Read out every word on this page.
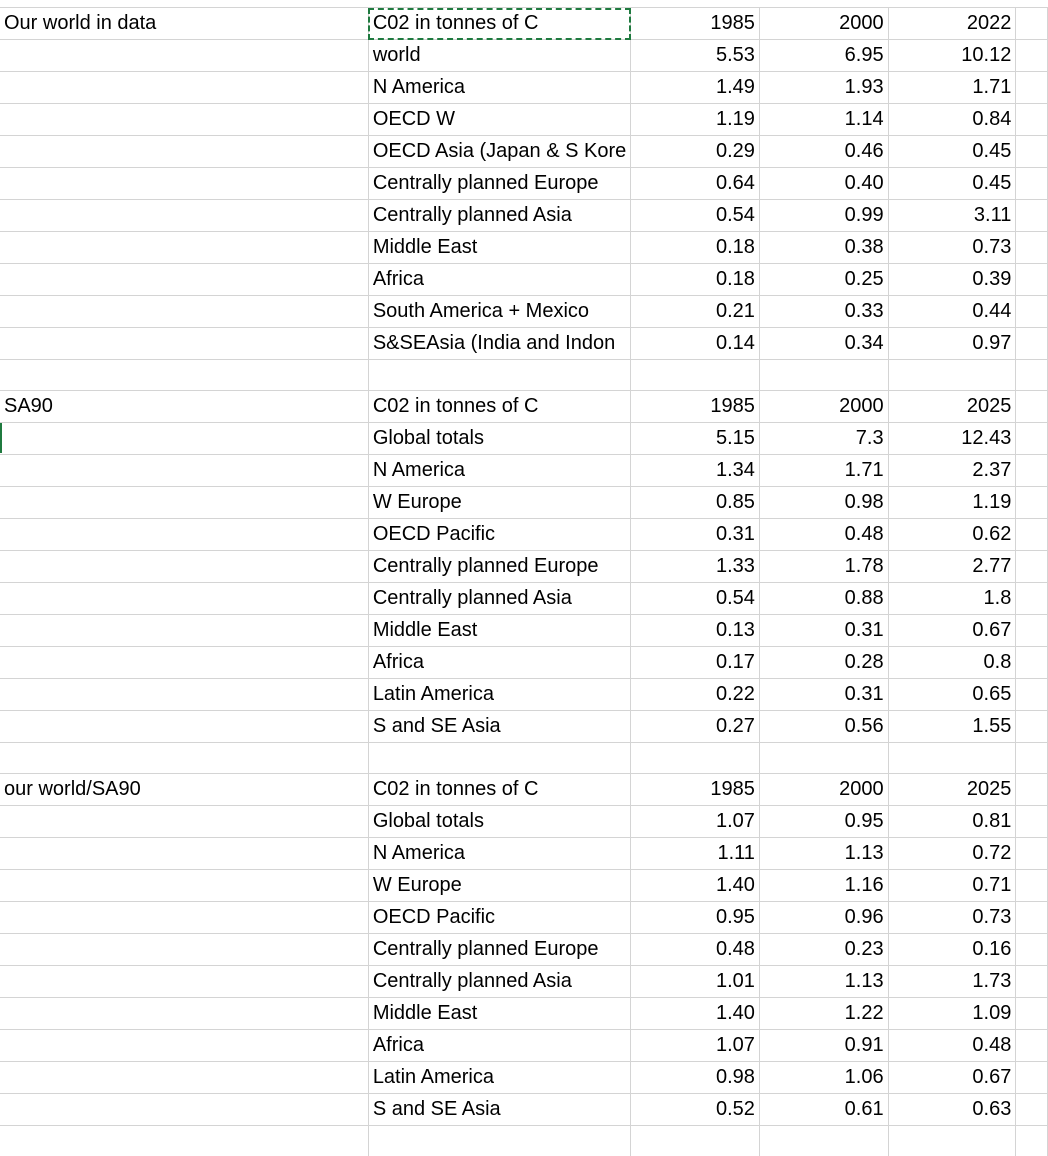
Our world in data	C02 in tonnes of C	1985	2000	2022	
	world	5.53	6.95	10.12	
	N America	1.49	1.93	1.71	
	OECD W	1.19	1.14	0.84	
	OECD Asia (Japan & S Kore	0.29	0.46	0.45	
	Centrally planned Europe	0.64	0.40	0.45	
	Centrally planned Asia	0.54	0.99	3.11	
	Middle East	0.18	0.38	0.73	
	Africa	0.18	0.25	0.39	
	South America + Mexico	0.21	0.33	0.44	
	S&SEAsia (India and Indon	0.14	0.34	0.97	

SA90	C02 in tonnes of C	1985	2000	2025	
	Global totals	5.15	7.3	12.43	
	N America	1.34	1.71	2.37	
	W Europe	0.85	0.98	1.19	
	OECD Pacific	0.31	0.48	0.62	
	Centrally planned Europe	1.33	1.78	2.77	
	Centrally planned Asia	0.54	0.88	1.8	
	Middle East	0.13	0.31	0.67	
	Africa	0.17	0.28	0.8	
	Latin America	0.22	0.31	0.65	
	S and SE Asia	0.27	0.56	1.55	

our world/SA90	C02 in tonnes of C	1985	2000	2025	
	Global totals	1.07	0.95	0.81	
	N America	1.11	1.13	0.72	
	W Europe	1.40	1.16	0.71	
	OECD Pacific	0.95	0.96	0.73	
	Centrally planned Europe	0.48	0.23	0.16	
	Centrally planned Asia	1.01	1.13	1.73	
	Middle East	1.40	1.22	1.09	
	Africa	1.07	0.91	0.48	
	Latin America	0.98	1.06	0.67	
	S and SE Asia	0.52	0.61	0.63	
